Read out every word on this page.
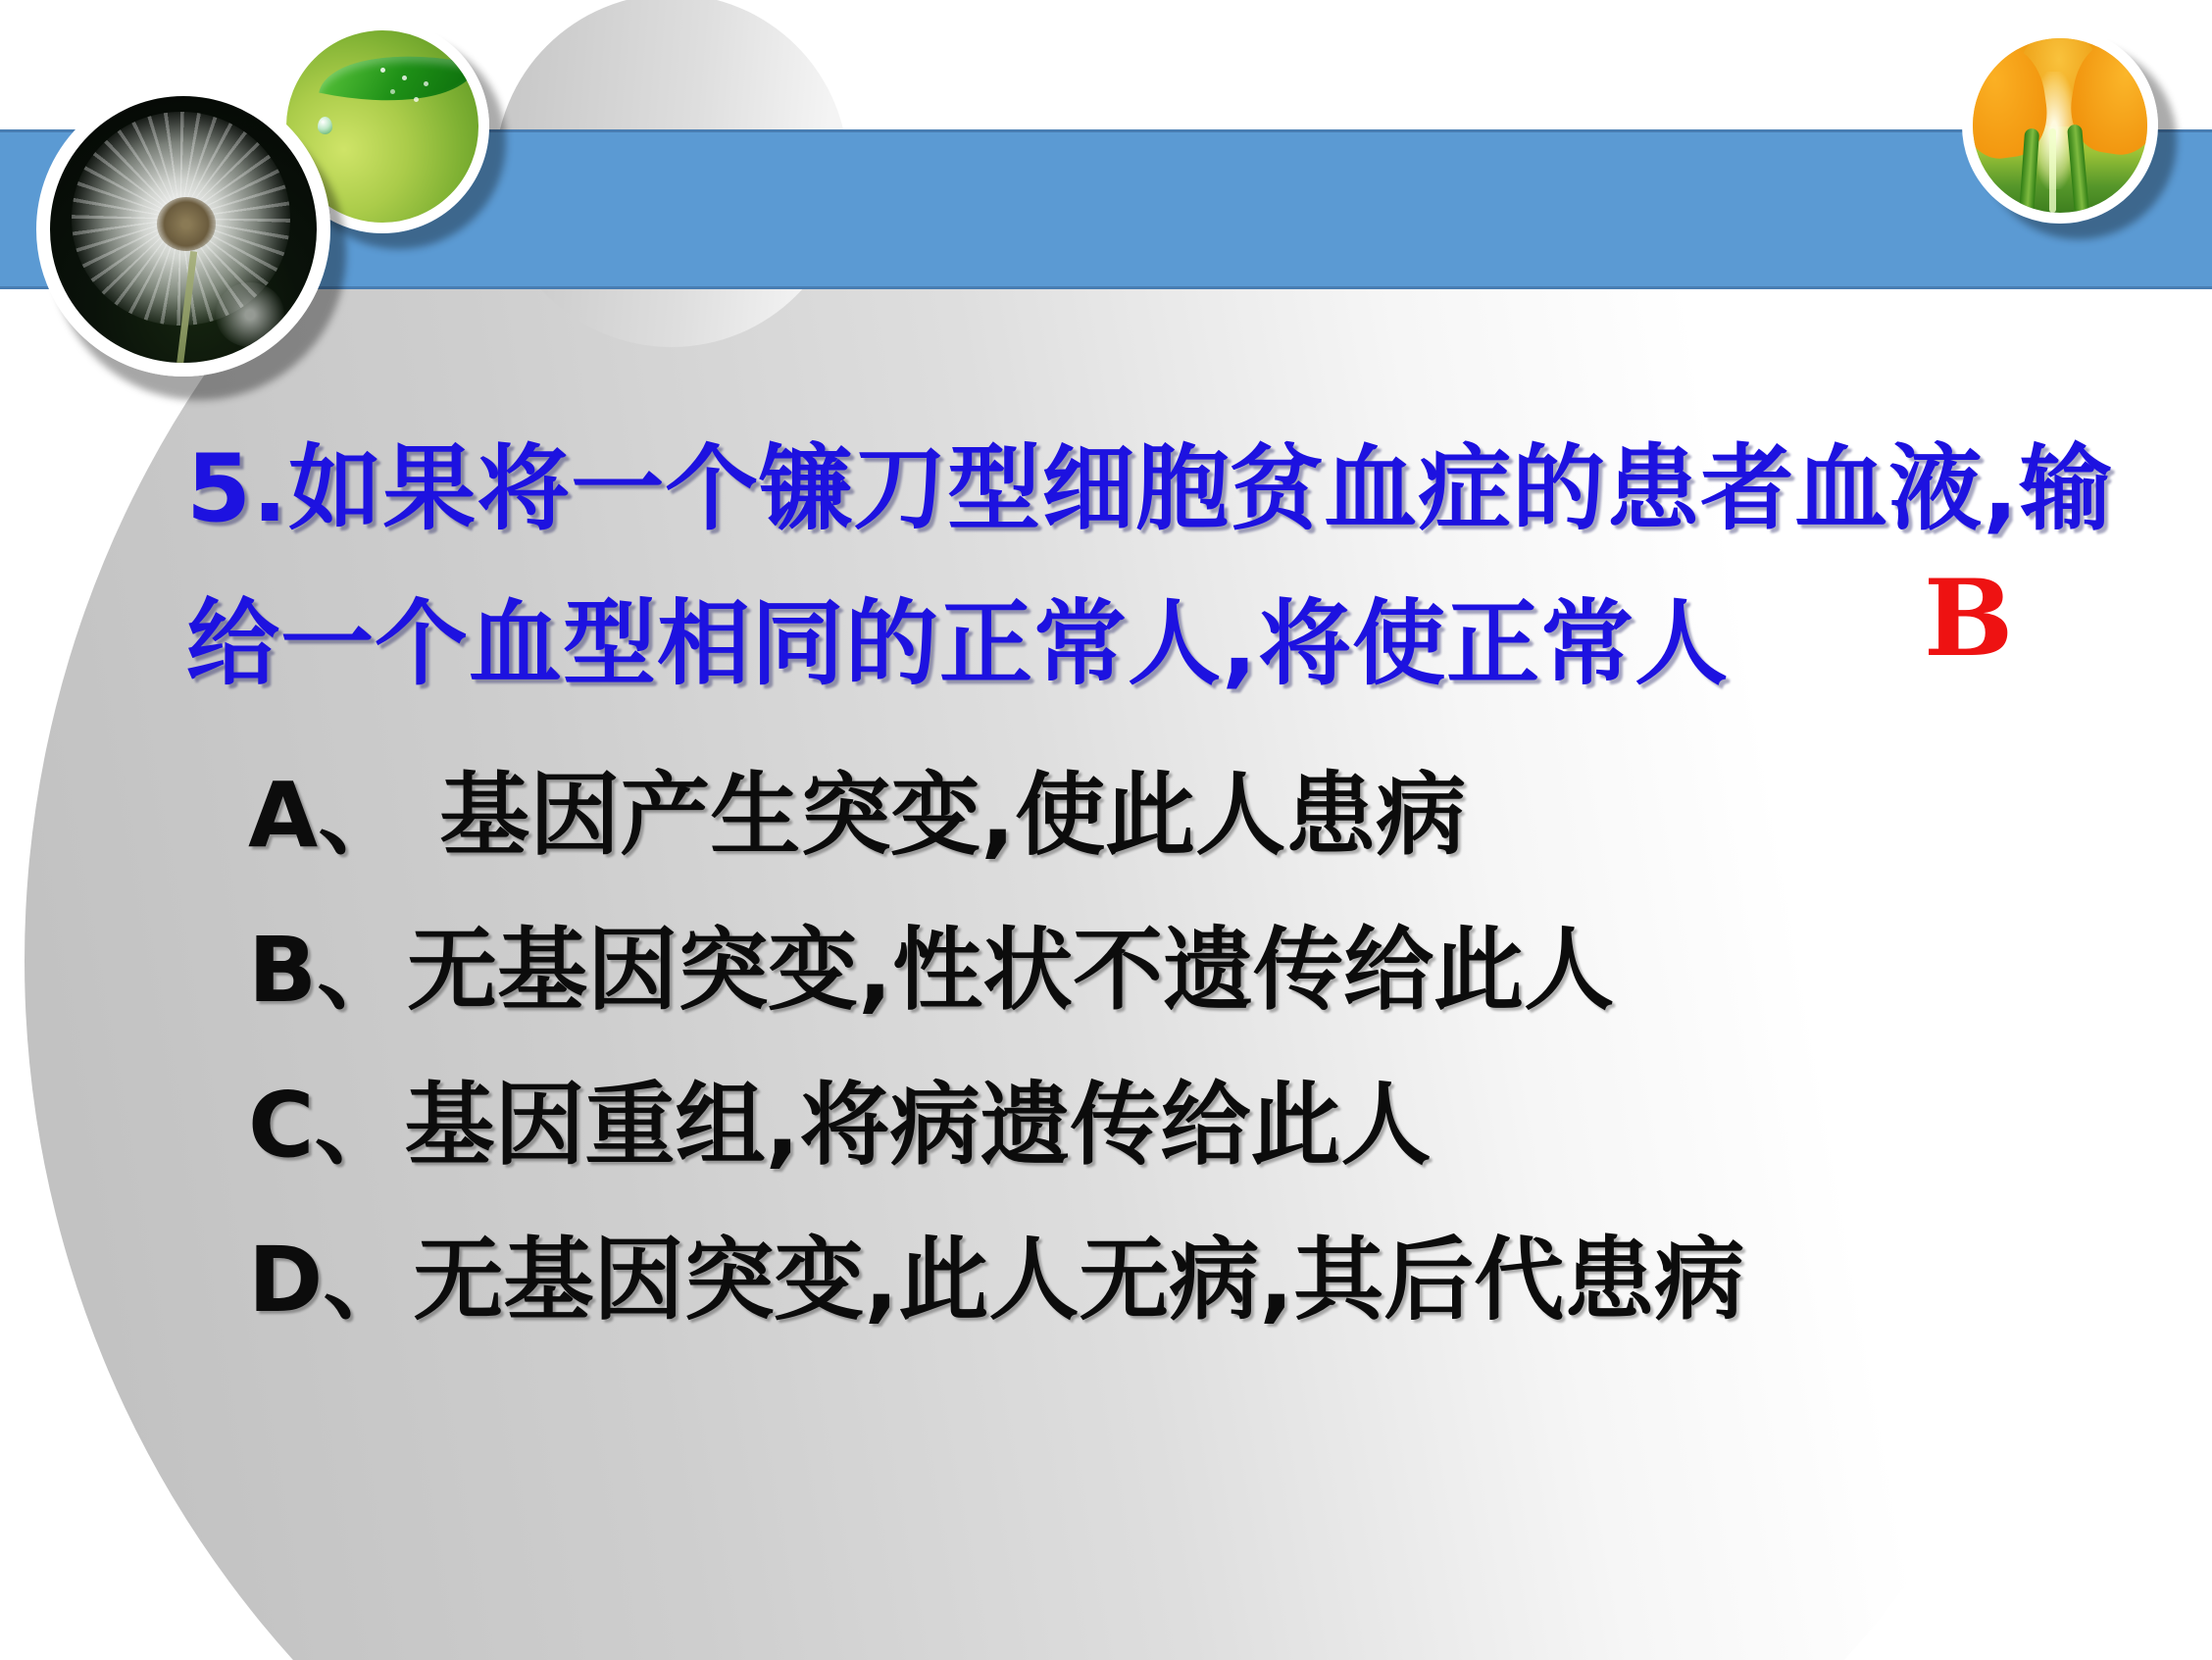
5.如果将一个镰刀型细胞贫血症的患者血液,输
给一个血型相同的正常人,将使正常人 B
A、 基因产生突变,使此人患病
B、无基因突变,性状不遗传给此人
C、基因重组,将病遗传给此人
D、无基因突变,此人无病,其后代患病
